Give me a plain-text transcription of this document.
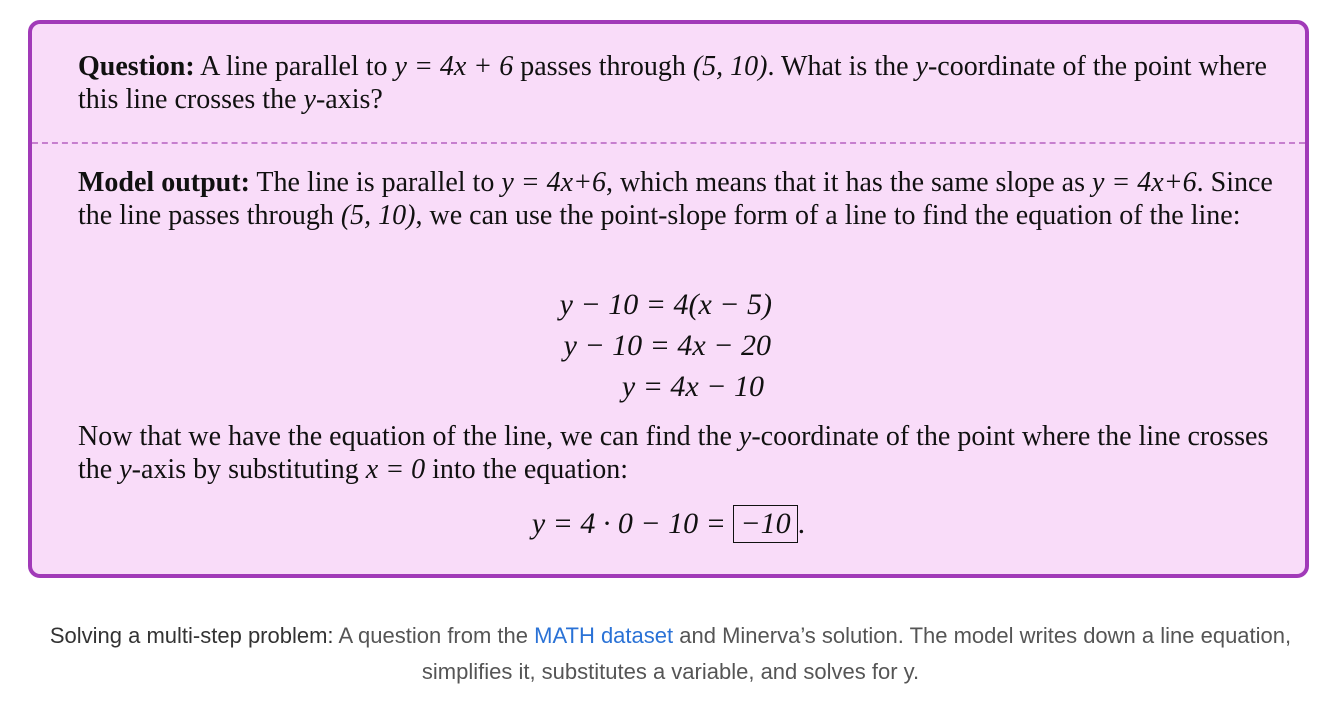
Question: A line parallel to y = 4x + 6 passes through (5, 10). What is the y-coordinate of the point where this line crosses the y-axis?
Model output: The line is parallel to y = 4x+6, which means that it has the same slope as y = 4x+6. Since the line passes through (5, 10), we can use the point-slope form of a line to find the equation of the line:
y − 10 = 4(x − 5)
y − 10 = 4x − 20
y = 4x − 10
Now that we have the equation of the line, we can find the y-coordinate of the point where the line crosses the y-axis by substituting x = 0 into the equation:
y = 4 · 0 − 10 = −10 .
Solving a multi-step problem: A question from the MATH dataset and Minerva’s solution. The model writes down a line equation, simplifies it, substitutes a variable, and solves for y.
